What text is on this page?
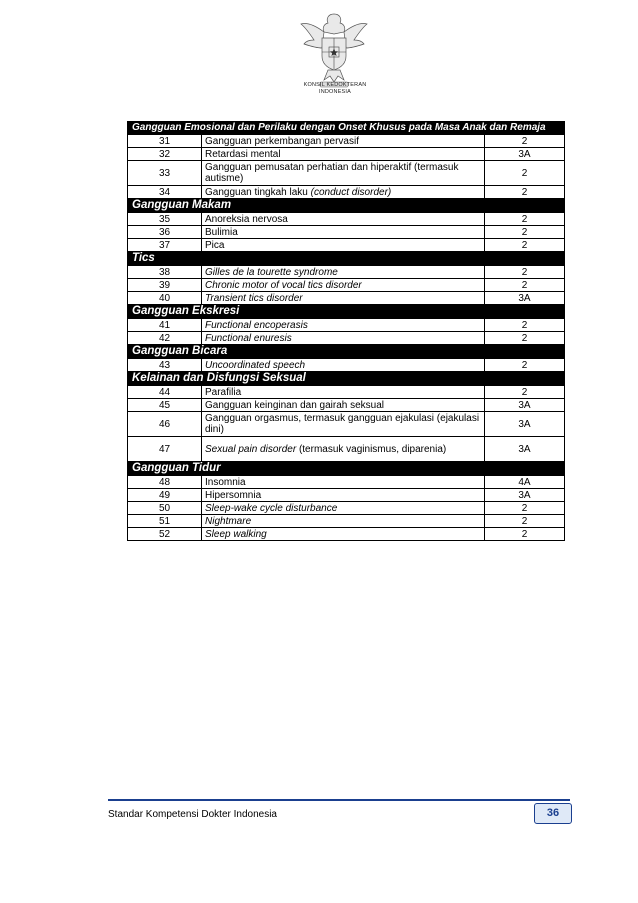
KONSIL KEDOKTERAN
INDONESIA
Gangguan Emosional dan Perilaku dengan Onset Khusus pada Masa Anak dan Remaja		
31	Gangguan perkembangan pervasif	2
32	Retardasi mental	3A
33	Gangguan pemusatan perhatian dan hiperaktif (termasuk autisme)	2
34	Gangguan tingkah laku (conduct disorder)	2
Gangguan Makam		
35	Anoreksia nervosa	2
36	Bulimia	2
37	Pica	2
Tics		
38	Gilles de la tourette syndrome	2
39	Chronic motor of vocal tics disorder	2
40	Transient tics disorder	3A
Gangguan Ekskresi		
41	Functional encoperasis	2
42	Functional enuresis	2
Gangguan Bicara		
43	Uncoordinated speech	2
Kelainan dan Disfungsi Seksual		
44	Parafilia	2
45	Gangguan keinginan dan gairah seksual	3A
46	Gangguan orgasmus, termasuk gangguan ejakulasi (ejakulasi dini)	3A
47	Sexual pain disorder (termasuk vaginismus, diparenia)	3A
Gangguan Tidur		
48	Insomnia	4A
49	Hipersomnia	3A
50	Sleep-wake cycle disturbance	2
51	Nightmare	2
52	Sleep walking	2
Standar Kompetensi Dokter Indonesia	36
